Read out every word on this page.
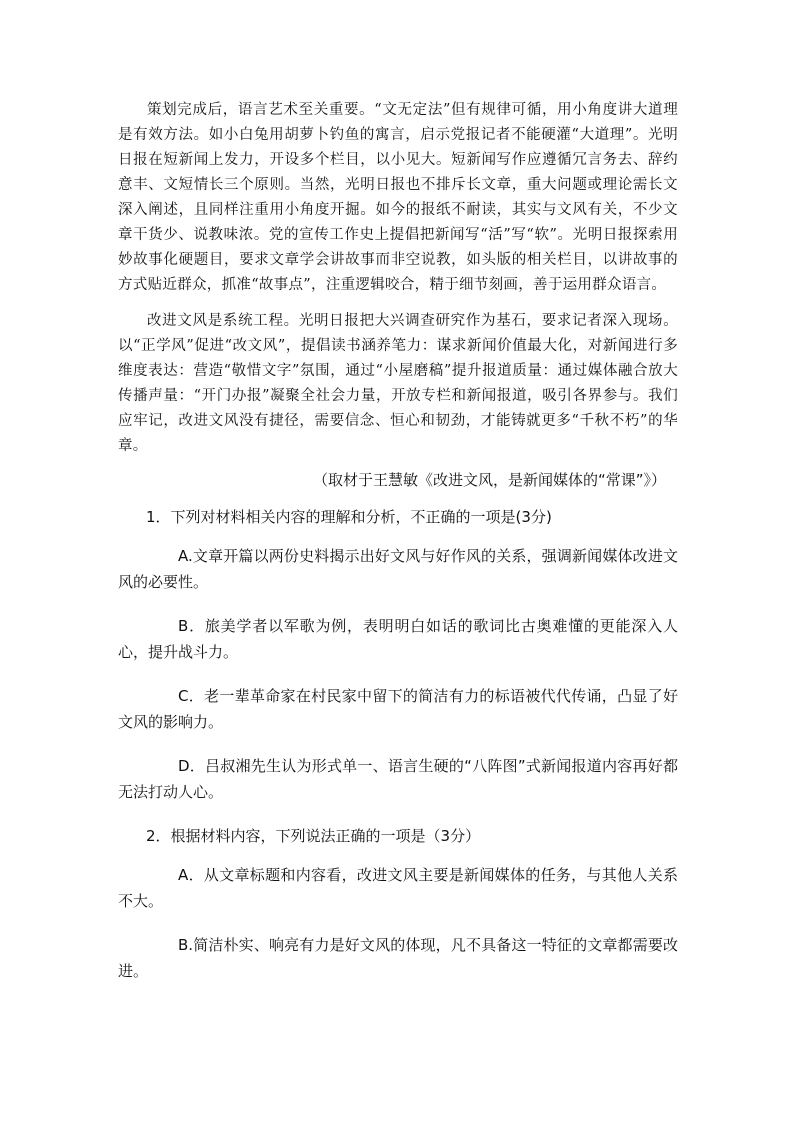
策划完成后，语言艺术至关重要。“文无定法”但有规律可循，用小角度讲大道理是有效方法。如小白兔用胡萝卜钓鱼的寓言，启示党报记者不能硬灌“大道理”。光明日报在短新闻上发力，开设多个栏目，以小见大。短新闻写作应遵循冗言务去、辞约意丰、文短情长三个原则。当然，光明日报也不排斥长文章，重大问题或理论需长文深入阐述，且同样注重用小角度开掘。如今的报纸不耐读，其实与文风有关，不少文章干货少、说教味浓。党的宣传工作史上提倡把新闻写“活”写“软”。光明日报探索用妙故事化硬题目，要求文章学会讲故事而非空说教，如头版的相关栏目，以讲故事的方式贴近群众，抓准“故事点”，注重逻辑咬合，精于细节刻画，善于运用群众语言。

改进文风是系统工程。光明日报把大兴调查研究作为基石，要求记者深入现场。以“正学风”促进“改文风”，提倡读书涵养笔力：谋求新闻价值最大化，对新闻进行多维度表达：营造“敬惜文字”氛围，通过“小屋磨稿”提升报道质量：通过媒体融合放大传播声量：“开门办报”凝聚全社会力量，开放专栏和新闻报道，吸引各界参与。我们应牢记，改进文风没有捷径，需要信念、恒心和韧劲，才能铸就更多“千秋不朽”的华章。

（取材于王慧敏《改进文风，是新闻媒体的“常课”》）

1．下列对材料相关内容的理解和分析，不正确的一项是(3分)

A.文章开篇以两份史料揭示出好文风与好作风的关系，强调新闻媒体改进文风的必要性。

B．旅美学者以军歌为例，表明明白如话的歌词比古奥难懂的更能深入人心，提升战斗力。

C．老一辈革命家在村民家中留下的简洁有力的标语被代代传诵，凸显了好文风的影响力。

D．吕叔湘先生认为形式单一、语言生硬的“八阵图”式新闻报道内容再好都无法打动人心。

2．根据材料内容，下列说法正确的一项是（3分）

A．从文章标题和内容看，改进文风主要是新闻媒体的任务，与其他人关系不大。

B.简洁朴实、响亮有力是好文风的体现，凡不具备这一特征的文章都需要改进。
